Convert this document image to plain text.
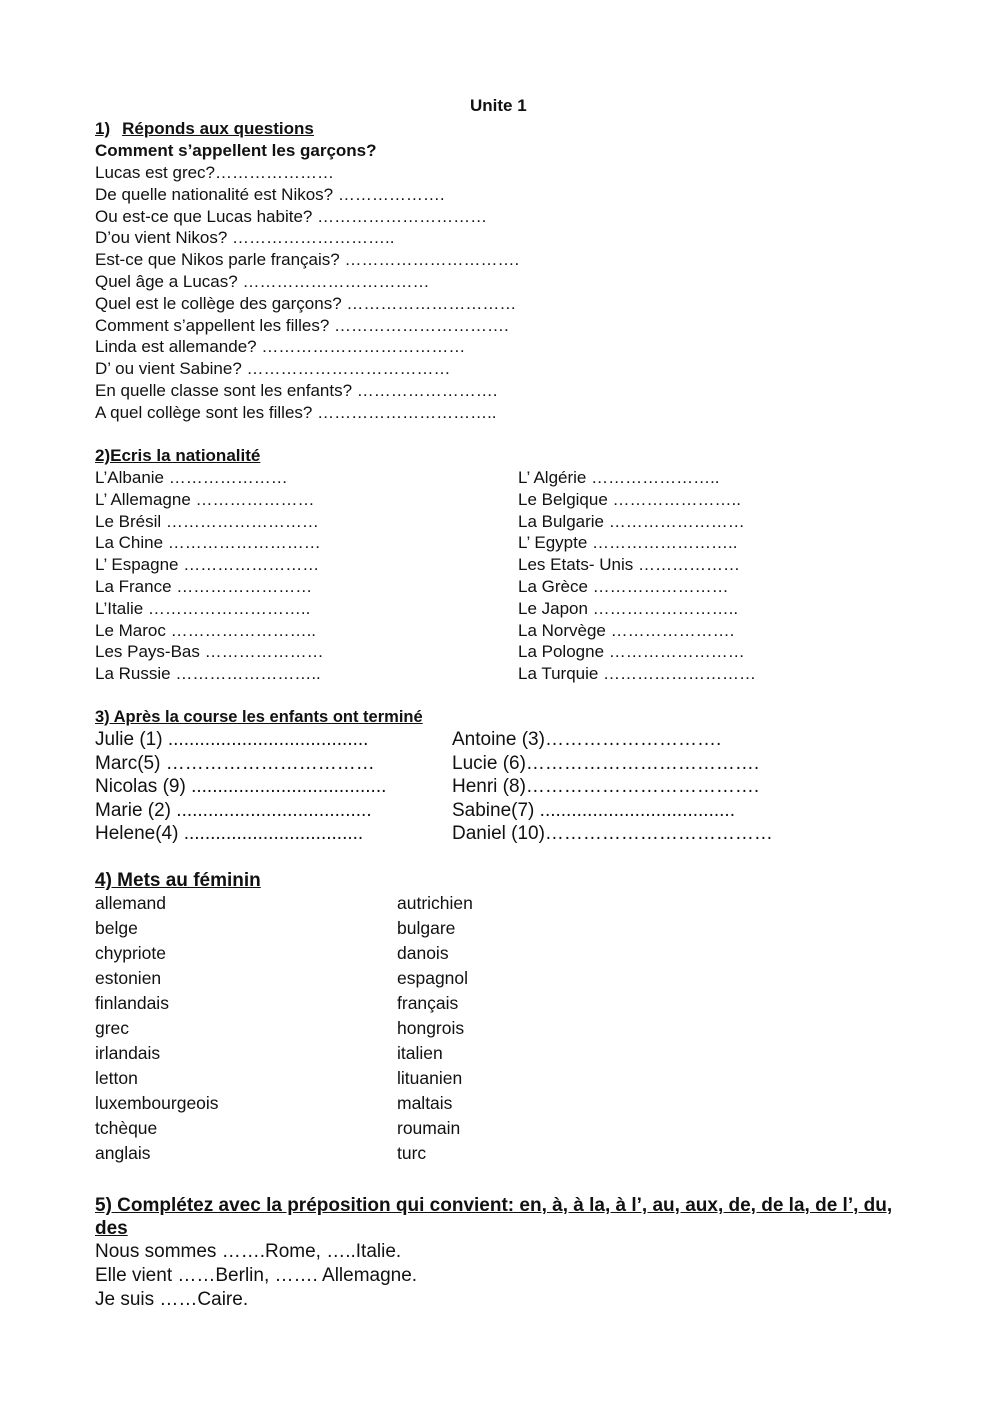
Unite 1
1) Réponds aux questions
Comment s’appellent les garçons?
Lucas est grec?…………………
De quelle nationalité est Nikos? ……………….
Ou est-ce que Lucas habite? …………………………
D’ou vient Nikos? ………………………..
Est-ce que Nikos parle français? ………………………….
Quel âge a Lucas? ……………………………
Quel est le collège des garçons? …………………………
Comment s’appellent les filles? ………………………….
Linda est allemande? ………………………………
D’ ou vient Sabine? ………………………………
En quelle classe sont les enfants? …………………….
A quel collège sont les filles? …………………………..
2)Ecris la nationalité
L’Albanie …………………
L’ Allemagne …………………
Le Brésil ………………………
La Chine ………………………
L’ Espagne ……………………
La France ……………………
L’Italie ………………………..
Le Maroc ……………………..
Les Pays-Bas …………………
La Russie ……………………..
L’ Algérie …………………..
Le Belgique …………………..
La Bulgarie ……………………
L’ Egypte ……………………..
Les Etats- Unis ………………
La Grèce ……………………
Le Japon ……………………..
La Norvège ………………….
La Pologne ……………………
La Turquie ………………………
3) Après la course les enfants ont terminé
Julie (1) ......................................
Marc(5) ……………………………
Nicolas (9) .....................................
Marie (2) .....................................
Helene(4) ..................................
Antoine (3)……………………….
Lucie (6)……………………………….
Henri (8)……………………………….
Sabine(7) .....................................
Daniel (10)………………………………
4) Mets au féminin
allemand
belge
chypriote
estonien
finlandais
grec
irlandais
letton
luxembourgeois
tchèque
anglais
autrichien
bulgare
danois
espagnol
français
hongrois
italien
lituanien
maltais
roumain
turc
5) Complétez avec la préposition qui convient: en, à, à la, à l’, au, aux, de, de la, de l’, du, des
Nous sommes …….Rome, …..Italie.
Elle vient ……Berlin, ……. Allemagne.
Je suis ……Caire.
